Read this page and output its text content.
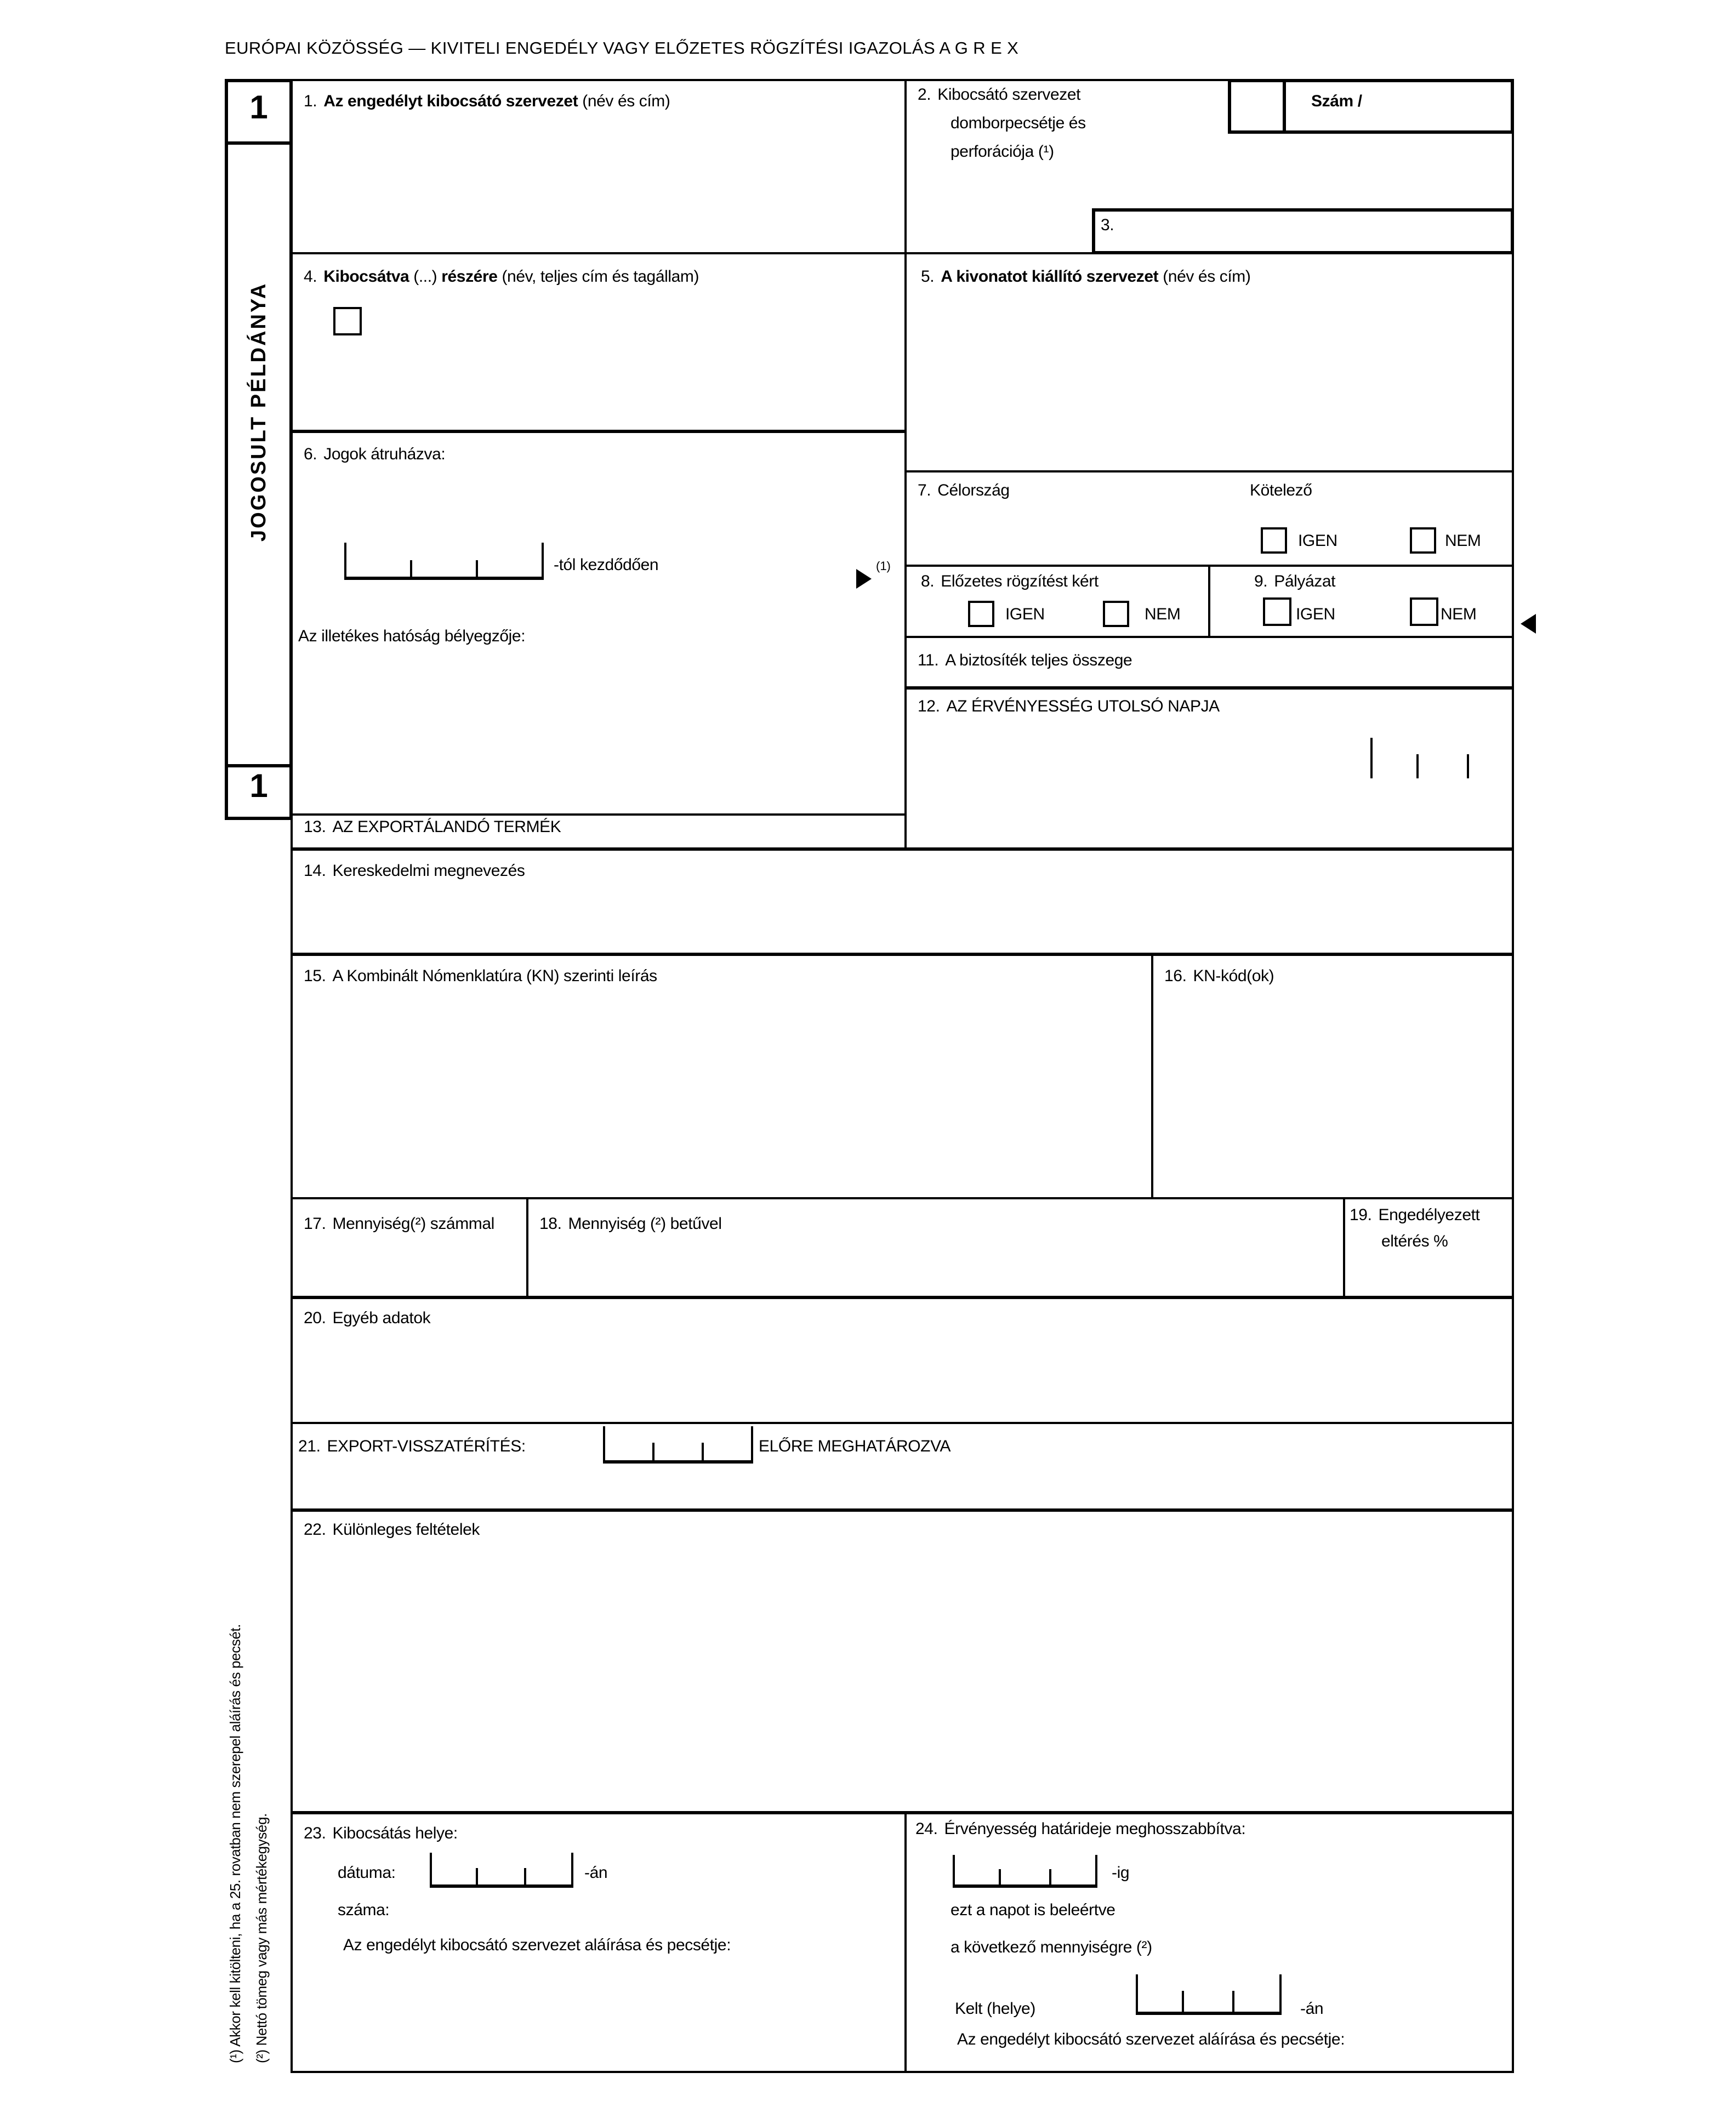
EURÓPAI KÖZÖSSÉG — KIVITELI ENGEDÉLY VAGY ELŐZETES RÖGZÍTÉSI IGAZOLÁS A G R E X
1
JOGOSULT PÉLDÁNYA
1
1. Az engedélyt kibocsátó szervezet (név és cím)	2. Kibocsátó szervezet
domborpecsétje és
perforációja (¹)
Szám /
3.
4. Kibocsátva (...) részére (név, teljes cím és tagállam)	5. A kivonatot kiállító szervezet (név és cím)
6. Jogok átruházva:
-tól kezdődően
Az illetékes hatóság bélyegzője:
(1)
7. Célország	Kötelező
IGEN	NEM
8. Előzetes rögzítést kért
IGEN	NEM
9. Pályázat
IGEN	NEM
11. A biztosíték teljes összege
12. AZ ÉRVÉNYESSÉG UTOLSÓ NAPJA
13. AZ EXPORTÁLANDÓ TERMÉK
14. Kereskedelmi megnevezés
15. A Kombinált Nómenklatúra (KN) szerinti leírás	16. KN-kód(ok)
17. Mennyiség(²) számmal	18. Mennyiség (²) betűvel	19. Engedélyezett
eltérés %
20. Egyéb adatok
21. EXPORT-VISSZATÉRÍTÉS:	ELŐRE MEGHATÁROZVA
22. Különleges feltételek
23. Kibocsátás helye:
dátuma:	-án
száma:
Az engedélyt kibocsátó szervezet aláírása és pecsétje:
24. Érvényesség határideje meghosszabbítva:
-ig
ezt a napot is beleértve
a következő mennyiségre (²)
Kelt (helye)	-án
Az engedélyt kibocsátó szervezet aláírása és pecsétje:
(¹) Akkor kell kitölteni, ha a 25. rovatban nem szerepel aláírás és pecsét. (²) Nettó tömeg vagy más mértékegység.
